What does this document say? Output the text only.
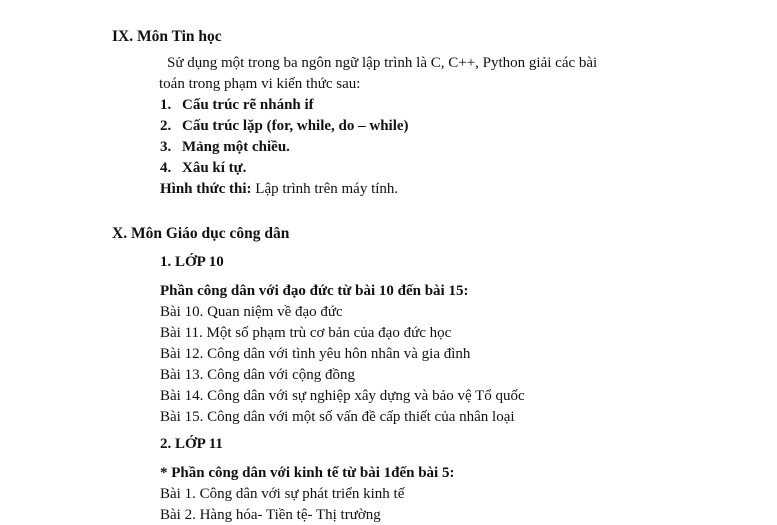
IX. Môn Tin học
Sử dụng một trong ba ngôn ngữ lập trình là C, C++, Python giải các bài
toán trong phạm vi kiến thức sau:
1. Cấu trúc rẽ nhánh if
2. Cấu trúc lặp (for, while, do – while)
3. Mảng một chiều.
4. Xâu kí tự.
Hình thức thi: Lập trình trên máy tính.
X. Môn Giáo dục công dân
1. LỚP 10
Phần công dân với đạo đức từ bài 10 đến bài 15:
Bài 10. Quan niệm về đạo đức
Bài 11. Một số phạm trù cơ bản của đạo đức học
Bài 12. Công dân với tình yêu hôn nhân và gia đình
Bài 13. Công dân với cộng đồng
Bài 14. Công dân với sự nghiệp xây dựng và bảo vệ Tổ quốc
Bài 15. Công dân với một số vấn đề cấp thiết của nhân loại
2. LỚP 11
* Phần công dân với kinh tế từ bài 1đến bài 5:
Bài 1. Công dân với sự phát triển kinh tế
Bài 2. Hàng hóa- Tiền tệ- Thị trường
